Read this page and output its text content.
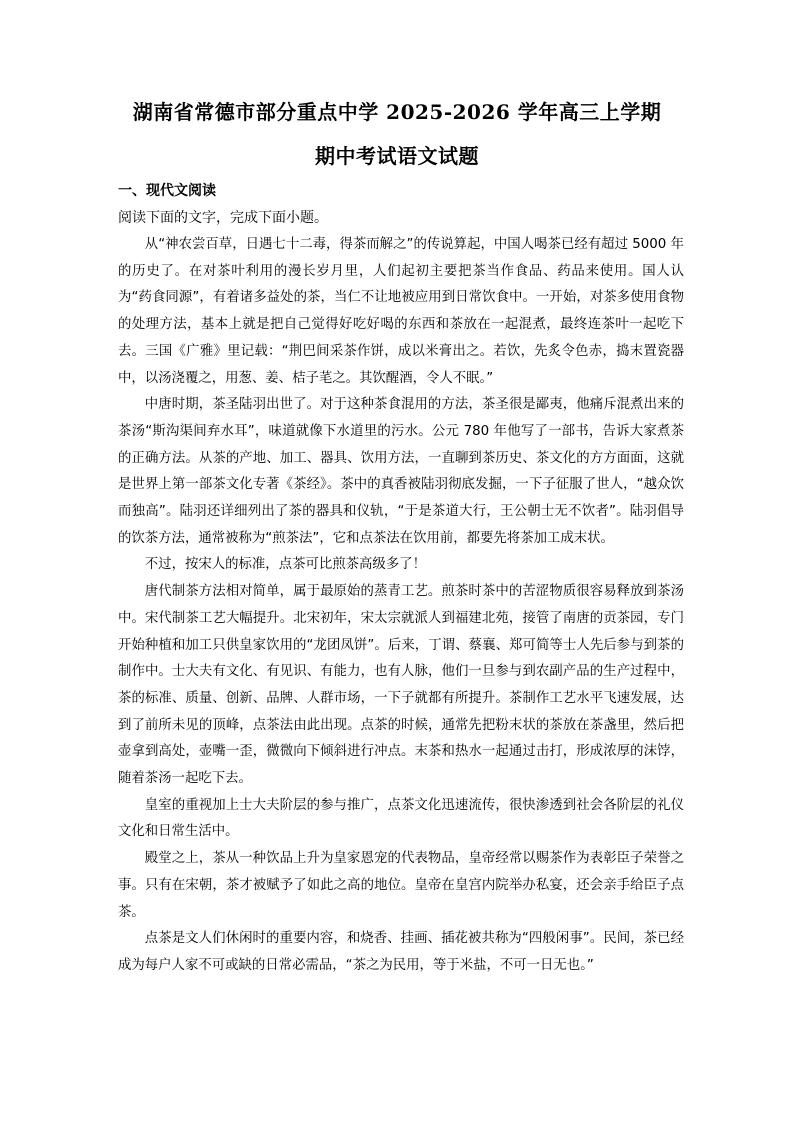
湖南省常德市部分重点中学 2025-2026 学年高三上学期
期中考试语文试题
一、现代文阅读
阅读下面的文字，完成下面小题。

从“神农尝百草，日遇七十二毒，得茶而解之”的传说算起，中国人喝茶已经有超过 5000 年的历史了。在对茶叶利用的漫长岁月里，人们起初主要把茶当作食品、药品来使用。国人认为“药食同源”，有着诸多益处的茶，当仁不让地被应用到日常饮食中。一开始，对茶多使用食物的处理方法，基本上就是把自己觉得好吃好喝的东西和茶放在一起混煮，最终连茶叶一起吃下去。三国《广雅》里记载：“荆巴间采茶作饼，成以米膏出之。若饮，先炙令色赤，捣末置瓷器中，以汤浇覆之，用葱、姜、桔子芼之。其饮醒酒，令人不眠。”

中唐时期，茶圣陆羽出世了。对于这种茶食混用的方法，茶圣很是鄙夷，他痛斥混煮出来的茶汤“斯沟渠间弃水耳”，味道就像下水道里的污水。公元 780 年他写了一部书，告诉大家煮茶的正确方法。从茶的产地、加工、器具、饮用方法，一直聊到茶历史、茶文化的方方面面，这就是世界上第一部茶文化专著《茶经》。茶中的真香被陆羽彻底发掘，一下子征服了世人，“越众饮而独高”。陆羽还详细列出了茶的器具和仪轨，“于是茶道大行，王公朝士无不饮者”。陆羽倡导的饮茶方法，通常被称为“煎茶法”，它和点茶法在饮用前，都要先将茶加工成末状。

不过，按宋人的标准，点茶可比煎茶高级多了！

唐代制茶方法相对简单，属于最原始的蒸青工艺。煎茶时茶中的苦涩物质很容易释放到茶汤中。宋代制茶工艺大幅提升。北宋初年，宋太宗就派人到福建北苑，接管了南唐的贡茶园，专门开始种植和加工只供皇家饮用的“龙团凤饼”。后来，丁谓、蔡襄、郑可简等士人先后参与到茶的制作中。士大夫有文化、有见识、有能力，也有人脉，他们一旦参与到农副产品的生产过程中，茶的标准、质量、创新、品牌、人群市场，一下子就都有所提升。茶制作工艺水平飞速发展，达到了前所未见的顶峰，点茶法由此出现。点茶的时候，通常先把粉末状的茶放在茶盏里，然后把壶拿到高处，壶嘴一歪，微微向下倾斜进行冲点。末茶和热水一起通过击打，形成浓厚的沫饽，随着茶汤一起吃下去。

皇室的重视加上士大夫阶层的参与推广，点茶文化迅速流传，很快渗透到社会各阶层的礼仪文化和日常生活中。

殿堂之上，茶从一种饮品上升为皇家恩宠的代表物品，皇帝经常以赐茶作为表彰臣子荣誉之事。只有在宋朝，茶才被赋予了如此之高的地位。皇帝在皇宫内院举办私宴，还会亲手给臣子点茶。

点茶是文人们休闲时的重要内容，和烧香、挂画、插花被共称为“四般闲事”。民间，茶已经成为每户人家不可或缺的日常必需品，“茶之为民用，等于米盐，不可一日无也。”
